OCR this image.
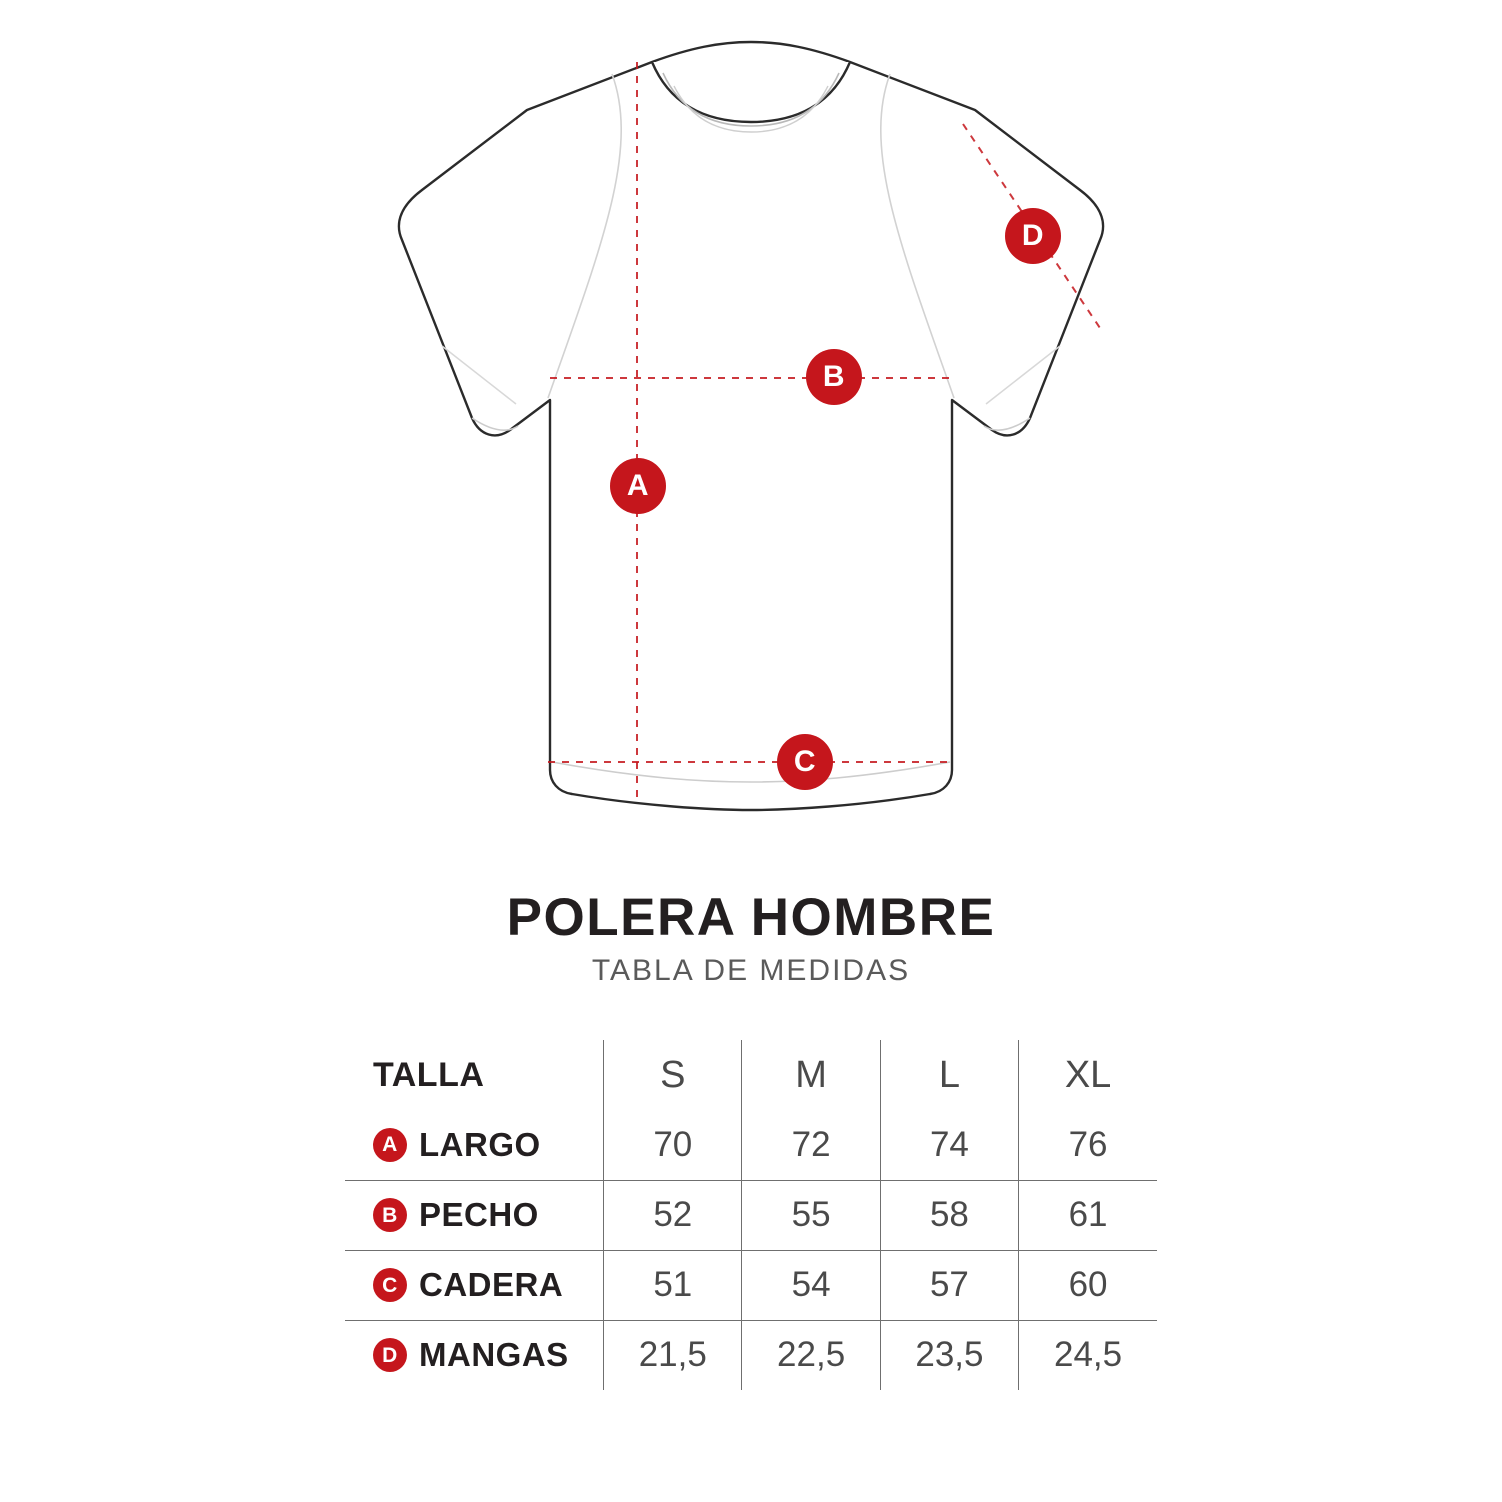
A
B
C
D
POLERA HOMBRE
TABLA DE MEDIDAS
TALLA	S	M	L	XL

A LARGO	70	72	74	76

B PECHO	52	55	58	61

C CADERA	51	54	57	60

D MANGAS	21,5	22,5	23,5	24,5
